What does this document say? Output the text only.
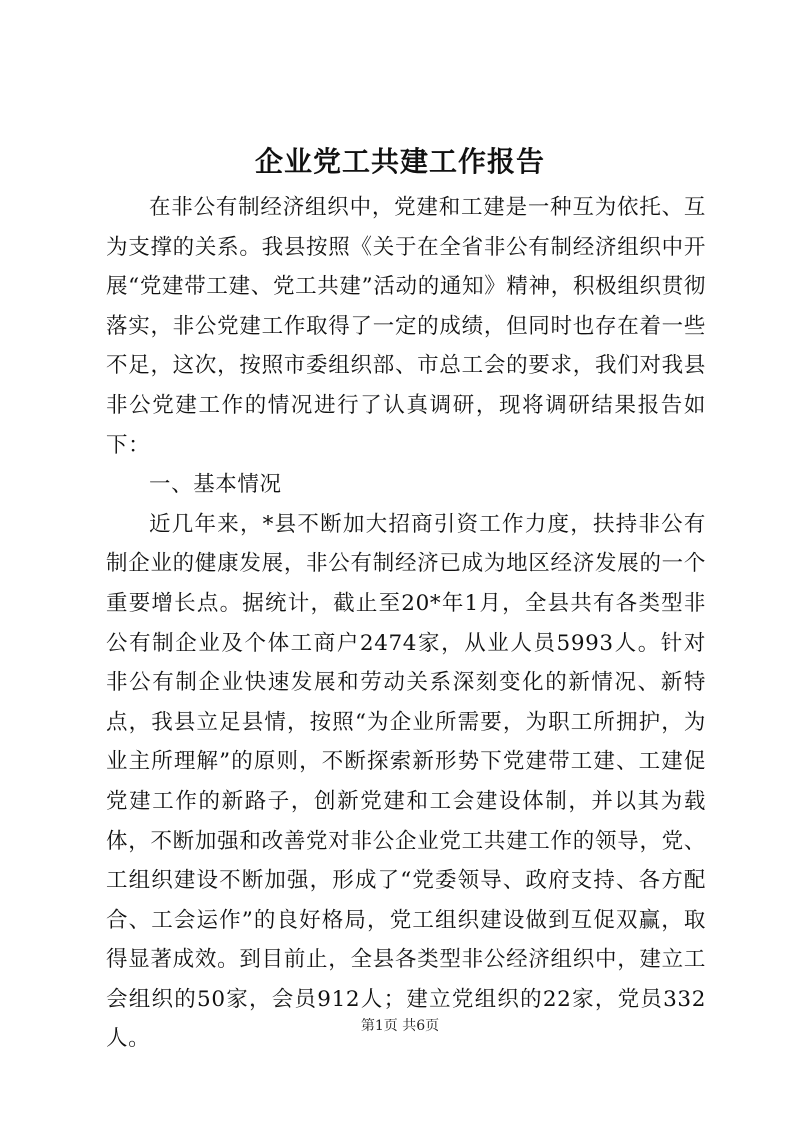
企业党工共建工作报告

在非公有制经济组织中，党建和工建是一种互为依托、互为支撑的关系。我县按照《关于在全省非公有制经济组织中开展“党建带工建、党工共建”活动的通知》精神，积极组织贯彻落实，非公党建工作取得了一定的成绩，但同时也存在着一些不足，这次，按照市委组织部、市总工会的要求，我们对我县非公党建工作的情况进行了认真调研，现将调研结果报告如下：

一、基本情况

近几年来，*县不断加大招商引资工作力度，扶持非公有制企业的健康发展，非公有制经济已成为地区经济发展的一个重要增长点。据统计，截止至20*年1月，全县共有各类型非公有制企业及个体工商户2474家，从业人员5993人。针对非公有制企业快速发展和劳动关系深刻变化的新情况、新特点，我县立足县情，按照“为企业所需要，为职工所拥护，为业主所理解”的原则，不断探索新形势下党建带工建、工建促党建工作的新路子，创新党建和工会建设体制，并以其为载体，不断加强和改善党对非公企业党工共建工作的领导，党、工组织建设不断加强，形成了“党委领导、政府支持、各方配合、工会运作”的良好格局，党工组织建设做到互促双赢，取得显著成效。到目前止，全县各类型非公经济组织中，建立工会组织的50家，会员912人；建立党组织的22家，党员332人。

第1页 共6页
